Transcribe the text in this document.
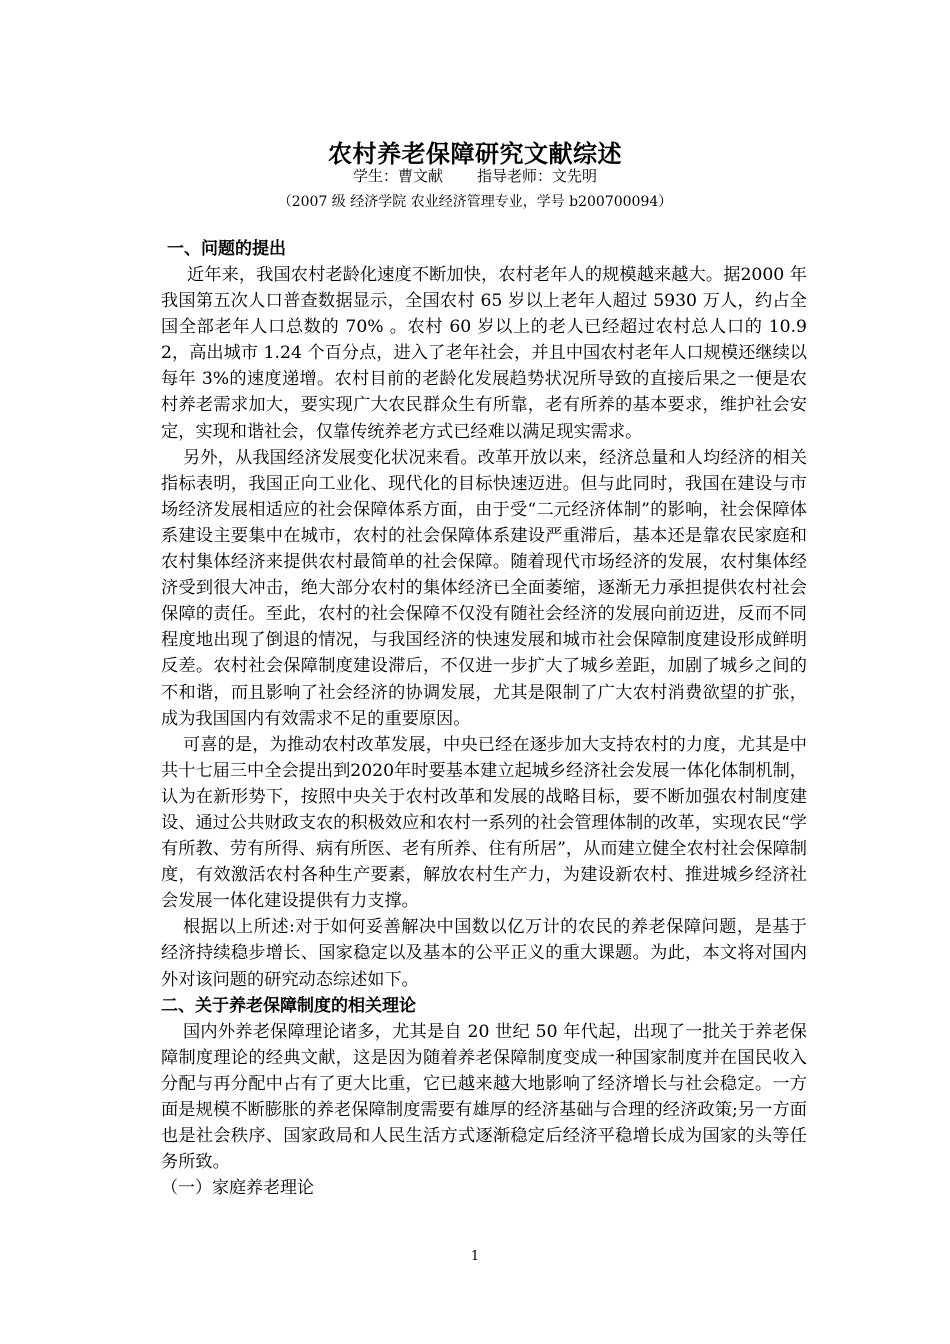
农村养老保障研究文献综述
学生：曹文献 指导老师：文先明
（2007 级 经济学院 农业经济管理专业，学号 b200700094）
一、问题的提出

近年来，我国农村老龄化速度不断加快，农村老年人的规模越来越大。据2000 年我国第五次人口普查数据显示，全国农村 65 岁以上老年人超过 5930 万人，约占全国全部老年人口总数的 70% 。农村 60 岁以上的老人已经超过农村总人口的 10.92，高出城市 1.24 个百分点，进入了老年社会，并且中国农村老年人口规模还继续以每年 3%的速度递增。农村目前的老龄化发展趋势状况所导致的直接后果之一便是农村养老需求加大，要实现广大农民群众生有所靠，老有所养的基本要求，维护社会安定，实现和谐社会，仅靠传统养老方式已经难以满足现实需求。

另外，从我国经济发展变化状况来看。改革开放以来，经济总量和人均经济的相关指标表明，我国正向工业化、现代化的目标快速迈进。但与此同时，我国在建设与市场经济发展相适应的社会保障体系方面，由于受“二元经济体制”的影响，社会保障体系建设主要集中在城市，农村的社会保障体系建设严重滞后，基本还是靠农民家庭和农村集体经济来提供农村最简单的社会保障。随着现代市场经济的发展，农村集体经济受到很大冲击，绝大部分农村的集体经济已全面萎缩，逐渐无力承担提供农村社会保障的责任。至此，农村的社会保障不仅没有随社会经济的发展向前迈进，反而不同程度地出现了倒退的情况，与我国经济的快速发展和城市社会保障制度建设形成鲜明反差。农村社会保障制度建设滞后，不仅进一步扩大了城乡差距，加剧了城乡之间的不和谐，而且影响了社会经济的协调发展，尤其是限制了广大农村消费欲望的扩张，成为我国国内有效需求不足的重要原因。

可喜的是，为推动农村改革发展，中央已经在逐步加大支持农村的力度，尤其是中共十七届三中全会提出到2020年时要基本建立起城乡经济社会发展一体化体制机制，认为在新形势下，按照中央关于农村改革和发展的战略目标，要不断加强农村制度建设、通过公共财政支农的积极效应和农村一系列的社会管理体制的改革，实现农民“学有所教、劳有所得、病有所医、老有所养、住有所居”，从而建立健全农村社会保障制度，有效激活农村各种生产要素，解放农村生产力，为建设新农村、推进城乡经济社会发展一体化建设提供有力支撑。

根据以上所述:对于如何妥善解决中国数以亿万计的农民的养老保障问题，是基于经济持续稳步增长、国家稳定以及基本的公平正义的重大课题。为此，本文将对国内外对该问题的研究动态综述如下。

二、关于养老保障制度的相关理论

国内外养老保障理论诸多，尤其是自 20 世纪 50 年代起，出现了一批关于养老保障制度理论的经典文献，这是因为随着养老保障制度变成一种国家制度并在国民收入分配与再分配中占有了更大比重，它已越来越大地影响了经济增长与社会稳定。一方面是规模不断膨胀的养老保障制度需要有雄厚的经济基础与合理的经济政策;另一方面也是社会秩序、国家政局和人民生活方式逐渐稳定后经济平稳增长成为国家的头等任务所致。

（一）家庭养老理论
1
